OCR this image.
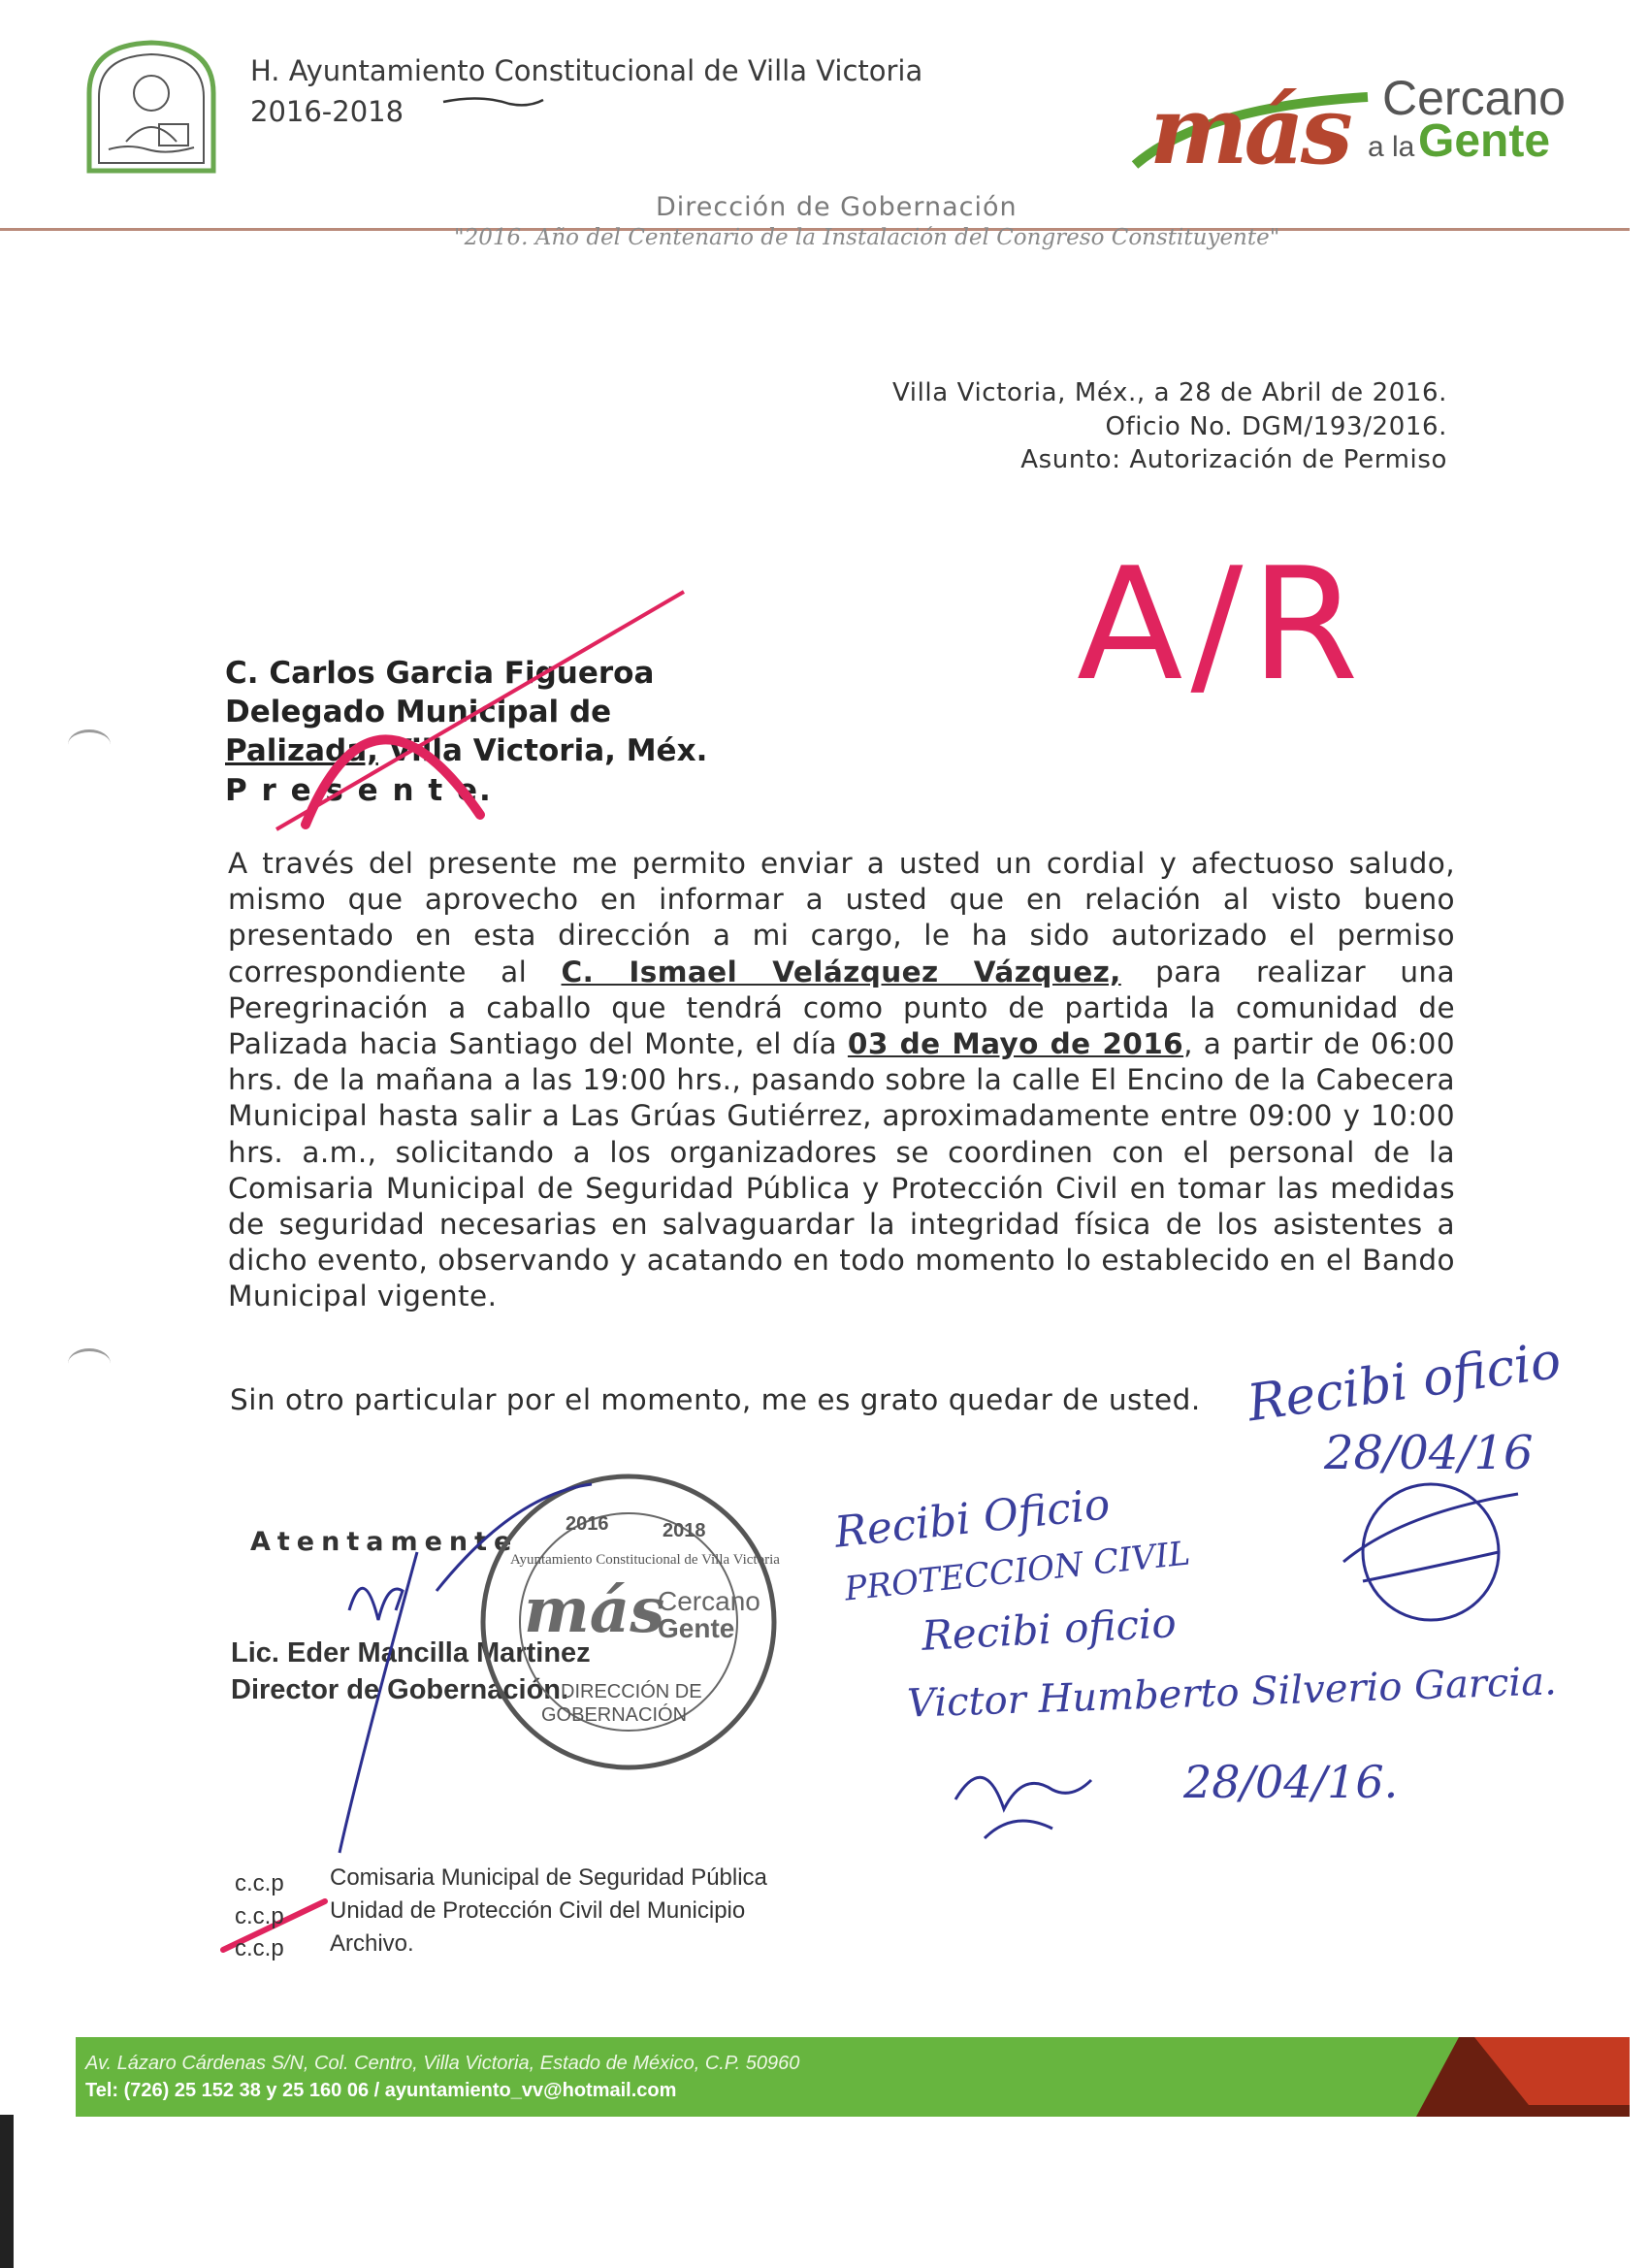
H. Ayuntamiento Constitucional de Villa Victoria
2016-2018	más Cercano
a la Gente
Dirección de Gobernación
"2016. Año del Centenario de la Instalación del Congreso Constituyente"
Villa Victoria, Méx., a 28 de Abril de 2016.
Oficio No. DGM/193/2016.
Asunto: Autorización de Permiso
C. Carlos Garcia Figueroa
Delegado Municipal de
Palizada, Villa Victoria, Méx.
P r e s e n t e.
A través del presente me permito enviar a usted un cordial y afectuoso saludo, mismo que aprovecho en informar a usted que en relación al visto bueno presentado en esta dirección a mi cargo, le ha sido autorizado el permiso correspondiente al C. Ismael Velázquez Vázquez, para realizar una Peregrinación a caballo que tendrá como punto de partida la comunidad de Palizada hacia Santiago del Monte, el día 03 de Mayo de 2016, a partir de 06:00 hrs. de la mañana a las 19:00 hrs., pasando sobre la calle El Encino de la Cabecera Municipal hasta salir a Las Grúas Gutiérrez, aproximadamente entre 09:00 y 10:00 hrs. a.m., solicitando a los organizadores se coordinen con el personal de la Comisaria Municipal de Seguridad Pública y Protección Civil en tomar las medidas de seguridad necesarias en salvaguardar la integridad física de los asistentes a dicho evento, observando y acatando en todo momento lo establecido en el Bando Municipal vigente.
Sin otro particular por el momento, me es grato quedar de usted.
Atentamente
Lic. Eder Mancilla Martinez
Director de Gobernación.
2016	2018
Ayuntamiento Constitucional de Villa Victoria
más
Cercano
Gente
DIRECCIÓN DE
GOBERNACIÓN
A/R
Recibi oficio
28/04/16
Recibi Oficio
PROTECCION CIVIL
Recibi oficio
Victor Humberto Silverio Garcia.
28/04/16.
c.c.p Comisaria Municipal de Seguridad Pública
c.c.p Unidad de Protección Civil del Municipio
c.c.p Archivo.
Av. Lázaro Cárdenas S/N, Col. Centro, Villa Victoria, Estado de México, C.P. 50960
Tel: (726) 25 152 38 y 25 160 06 / ayuntamiento_vv@hotmail.com
